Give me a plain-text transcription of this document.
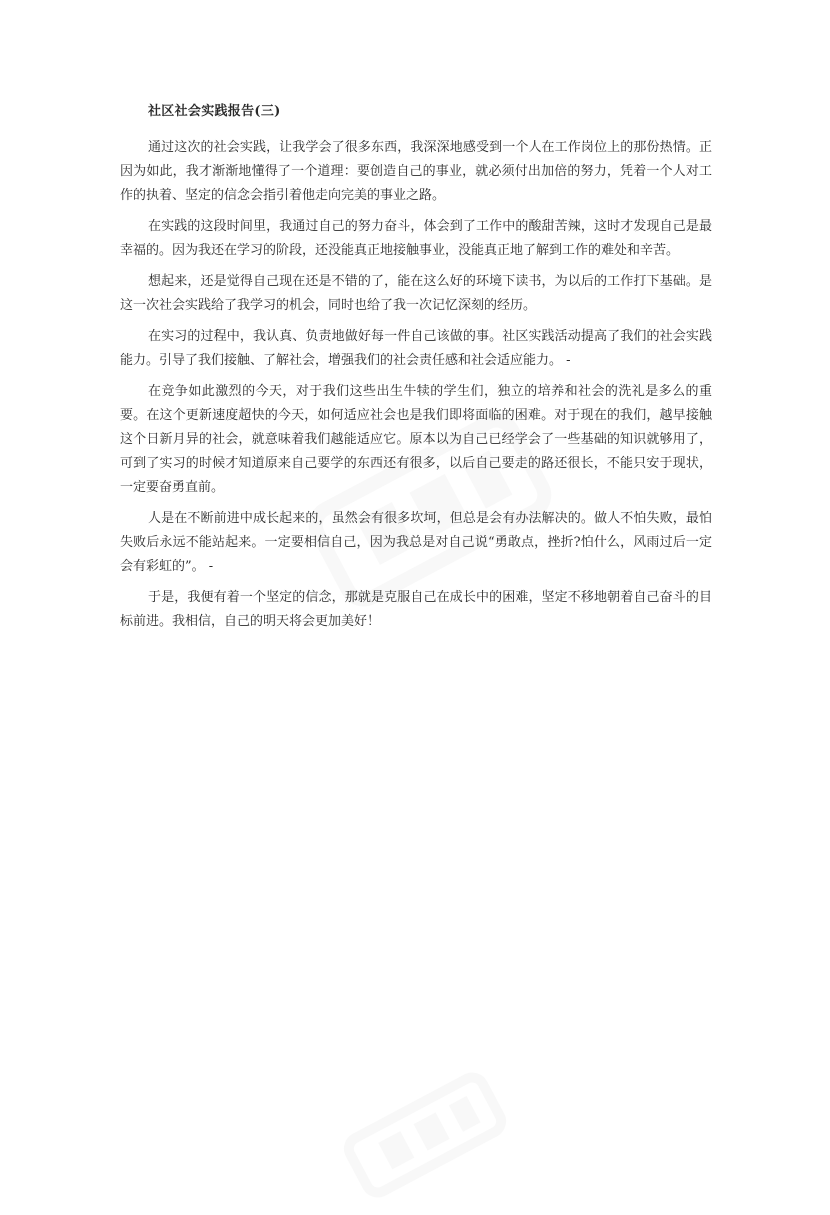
社区社会实践报告(三)

通过这次的社会实践，让我学会了很多东西，我深深地感受到一个人在工作岗位上的那份热情。正因为如此，我才渐渐地懂得了一个道理：要创造自己的事业，就必须付出加倍的努力，凭着一个人对工作的执着、坚定的信念会指引着他走向完美的事业之路。

在实践的这段时间里，我通过自己的努力奋斗，体会到了工作中的酸甜苦辣，这时才发现自己是最幸福的。因为我还在学习的阶段，还没能真正地接触事业，没能真正地了解到工作的难处和辛苦。

想起来，还是觉得自己现在还是不错的了，能在这么好的环境下读书，为以后的工作打下基础。是这一次社会实践给了我学习的机会，同时也给了我一次记忆深刻的经历。

在实习的过程中，我认真、负责地做好每一件自己该做的事。社区实践活动提高了我们的社会实践能力。引导了我们接触、了解社会，增强我们的社会责任感和社会适应能力。 -

在竞争如此激烈的今天，对于我们这些出生牛犊的学生们，独立的培养和社会的洗礼是多么的重要。在这个更新速度超快的今天，如何适应社会也是我们即将面临的困难。对于现在的我们，越早接触这个日新月异的社会，就意味着我们越能适应它。原本以为自己已经学会了一些基础的知识就够用了，可到了实习的时候才知道原来自己要学的东西还有很多，以后自己要走的路还很长，不能只安于现状，一定要奋勇直前。

人是在不断前进中成长起来的，虽然会有很多坎坷，但总是会有办法解决的。做人不怕失败，最怕失败后永远不能站起来。一定要相信自己，因为我总是对自己说“勇敢点，挫折?怕什么，风雨过后一定会有彩虹的”。 -

于是，我便有着一个坚定的信念，那就是克服自己在成长中的困难，坚定不移地朝着自己奋斗的目标前进。我相信，自己的明天将会更加美好！
